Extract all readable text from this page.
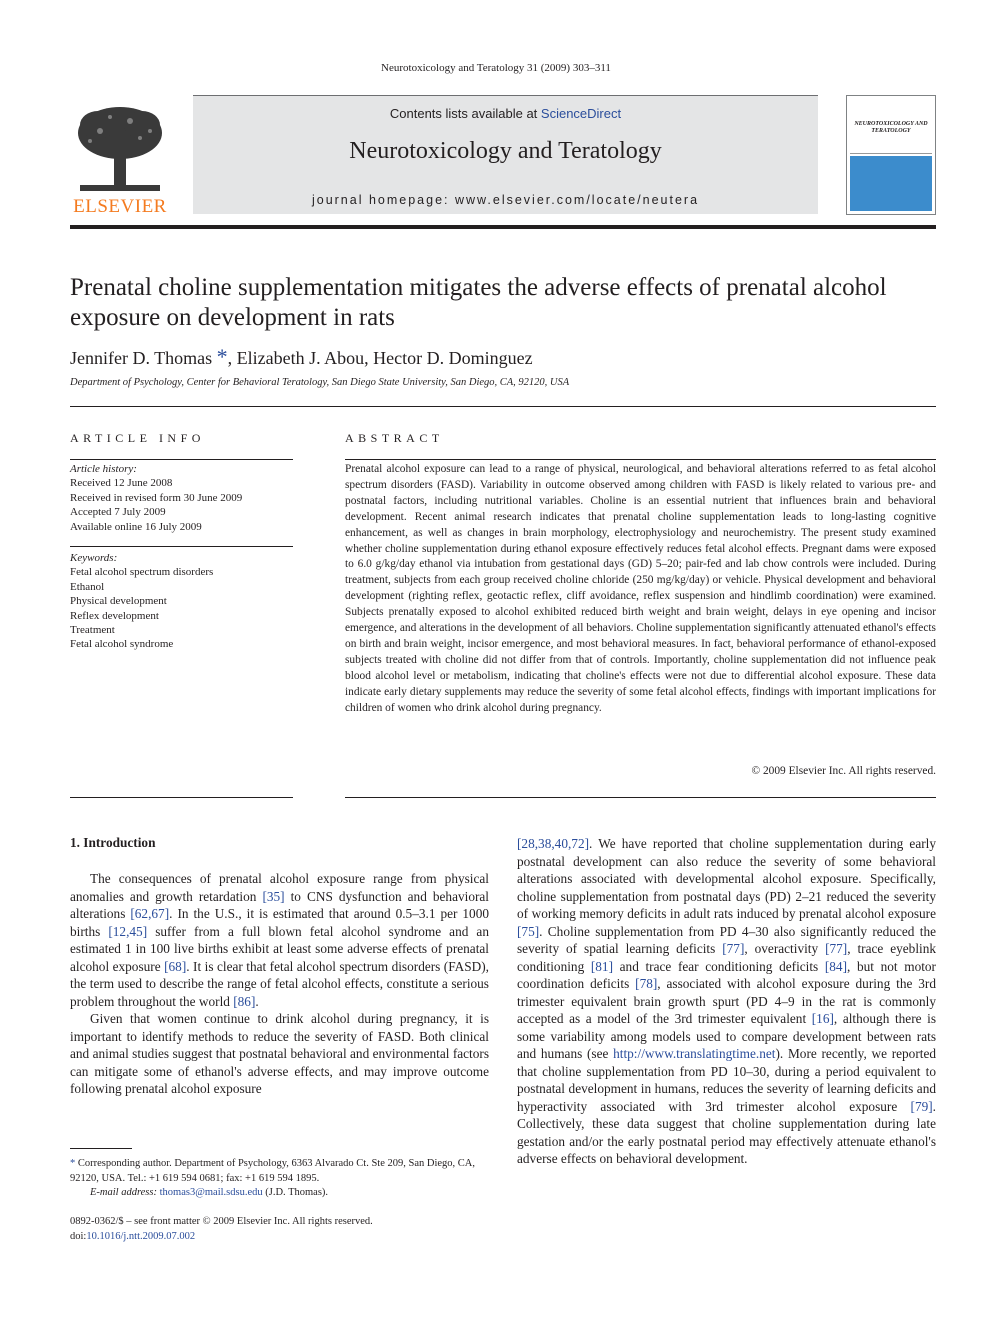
Neurotoxicology and Teratology 31 (2009) 303–311
ELSEVIER
Contents lists available at ScienceDirect
Neurotoxicology and Teratology
journal homepage: www.elsevier.com/locate/neutera
NEUROTOXICOLOGY AND TERATOLOGY
Prenatal choline supplementation mitigates the adverse effects of prenatal alcohol exposure on development in rats
Jennifer D. Thomas *, Elizabeth J. Abou, Hector D. Dominguez
Department of Psychology, Center for Behavioral Teratology, San Diego State University, San Diego, CA, 92120, USA
ARTICLE INFO
Article history:
Received 12 June 2008
Received in revised form 30 June 2009
Accepted 7 July 2009
Available online 16 July 2009
Keywords:
Fetal alcohol spectrum disorders
Ethanol
Physical development
Reflex development
Treatment
Fetal alcohol syndrome
ABSTRACT
Prenatal alcohol exposure can lead to a range of physical, neurological, and behavioral alterations referred to as fetal alcohol spectrum disorders (FASD). Variability in outcome observed among children with FASD is likely related to various pre- and postnatal factors, including nutritional variables. Choline is an essential nutrient that influences brain and behavioral development. Recent animal research indicates that prenatal choline supplementation leads to long-lasting cognitive enhancement, as well as changes in brain morphology, electrophysiology and neurochemistry. The present study examined whether choline supplementation during ethanol exposure effectively reduces fetal alcohol effects. Pregnant dams were exposed to 6.0 g/kg/day ethanol via intubation from gestational days (GD) 5–20; pair-fed and lab chow controls were included. During treatment, subjects from each group received choline chloride (250 mg/kg/day) or vehicle. Physical development and behavioral development (righting reflex, geotactic reflex, cliff avoidance, reflex suspension and hindlimb coordination) were examined. Subjects prenatally exposed to alcohol exhibited reduced birth weight and brain weight, delays in eye opening and incisor emergence, and alterations in the development of all behaviors. Choline supplementation significantly attenuated ethanol's effects on birth and brain weight, incisor emergence, and most behavioral measures. In fact, behavioral performance of ethanol-exposed subjects treated with choline did not differ from that of controls. Importantly, choline supplementation did not influence peak blood alcohol level or metabolism, indicating that choline's effects were not due to differential alcohol exposure. These data indicate early dietary supplements may reduce the severity of some fetal alcohol effects, findings with important implications for children of women who drink alcohol during pregnancy.
© 2009 Elsevier Inc. All rights reserved.
1. Introduction

The consequences of prenatal alcohol exposure range from physical anomalies and growth retardation [35] to CNS dysfunction and behavioral alterations [62,67]. In the U.S., it is estimated that around 0.5–3.1 per 1000 births [12,45] suffer from a full blown fetal alcohol syndrome and an estimated 1 in 100 live births exhibit at least some adverse effects of prenatal alcohol exposure [68]. It is clear that fetal alcohol spectrum disorders (FASD), the term used to describe the range of fetal alcohol effects, constitute a serious problem throughout the world [86].

Given that women continue to drink alcohol during pregnancy, it is important to identify methods to reduce the severity of FASD. Both clinical and animal studies suggest that postnatal behavioral and environmental factors can mitigate some of ethanol's adverse effects, and may improve outcome following prenatal alcohol exposure

[28,38,40,72]. We have reported that choline supplementation during early postnatal development can also reduce the severity of some behavioral alterations associated with developmental alcohol exposure. Specifically, choline supplementation from postnatal days (PD) 2–21 reduced the severity of working memory deficits in adult rats induced by prenatal alcohol exposure [75]. Choline supplementation from PD 4–30 also significantly reduced the severity of spatial learning deficits [77], overactivity [77], trace eyeblink conditioning [81] and trace fear conditioning deficits [84], but not motor coordination deficits [78], associated with alcohol exposure during the 3rd trimester equivalent brain growth spurt (PD 4–9 in the rat is commonly accepted as a model of the 3rd trimester equivalent [16], although there is some variability among models used to compare development between rats and humans (see http://www.translatingtime.net). More recently, we reported that choline supplementation from PD 10–30, during a period equivalent to postnatal development in humans, reduces the severity of learning deficits and hyperactivity associated with 3rd trimester alcohol exposure [79]. Collectively, these data suggest that choline supplementation during late gestation and/or the early postnatal period may effectively attenuate ethanol's adverse effects on behavioral development.

* Corresponding author. Department of Psychology, 6363 Alvarado Ct. Ste 209, San Diego, CA, 92120, USA. Tel.: +1 619 594 0681; fax: +1 619 594 1895.
E-mail address: thomas3@mail.sdsu.edu (J.D. Thomas).
0892-0362/$ – see front matter © 2009 Elsevier Inc. All rights reserved.
doi:10.1016/j.ntt.2009.07.002
